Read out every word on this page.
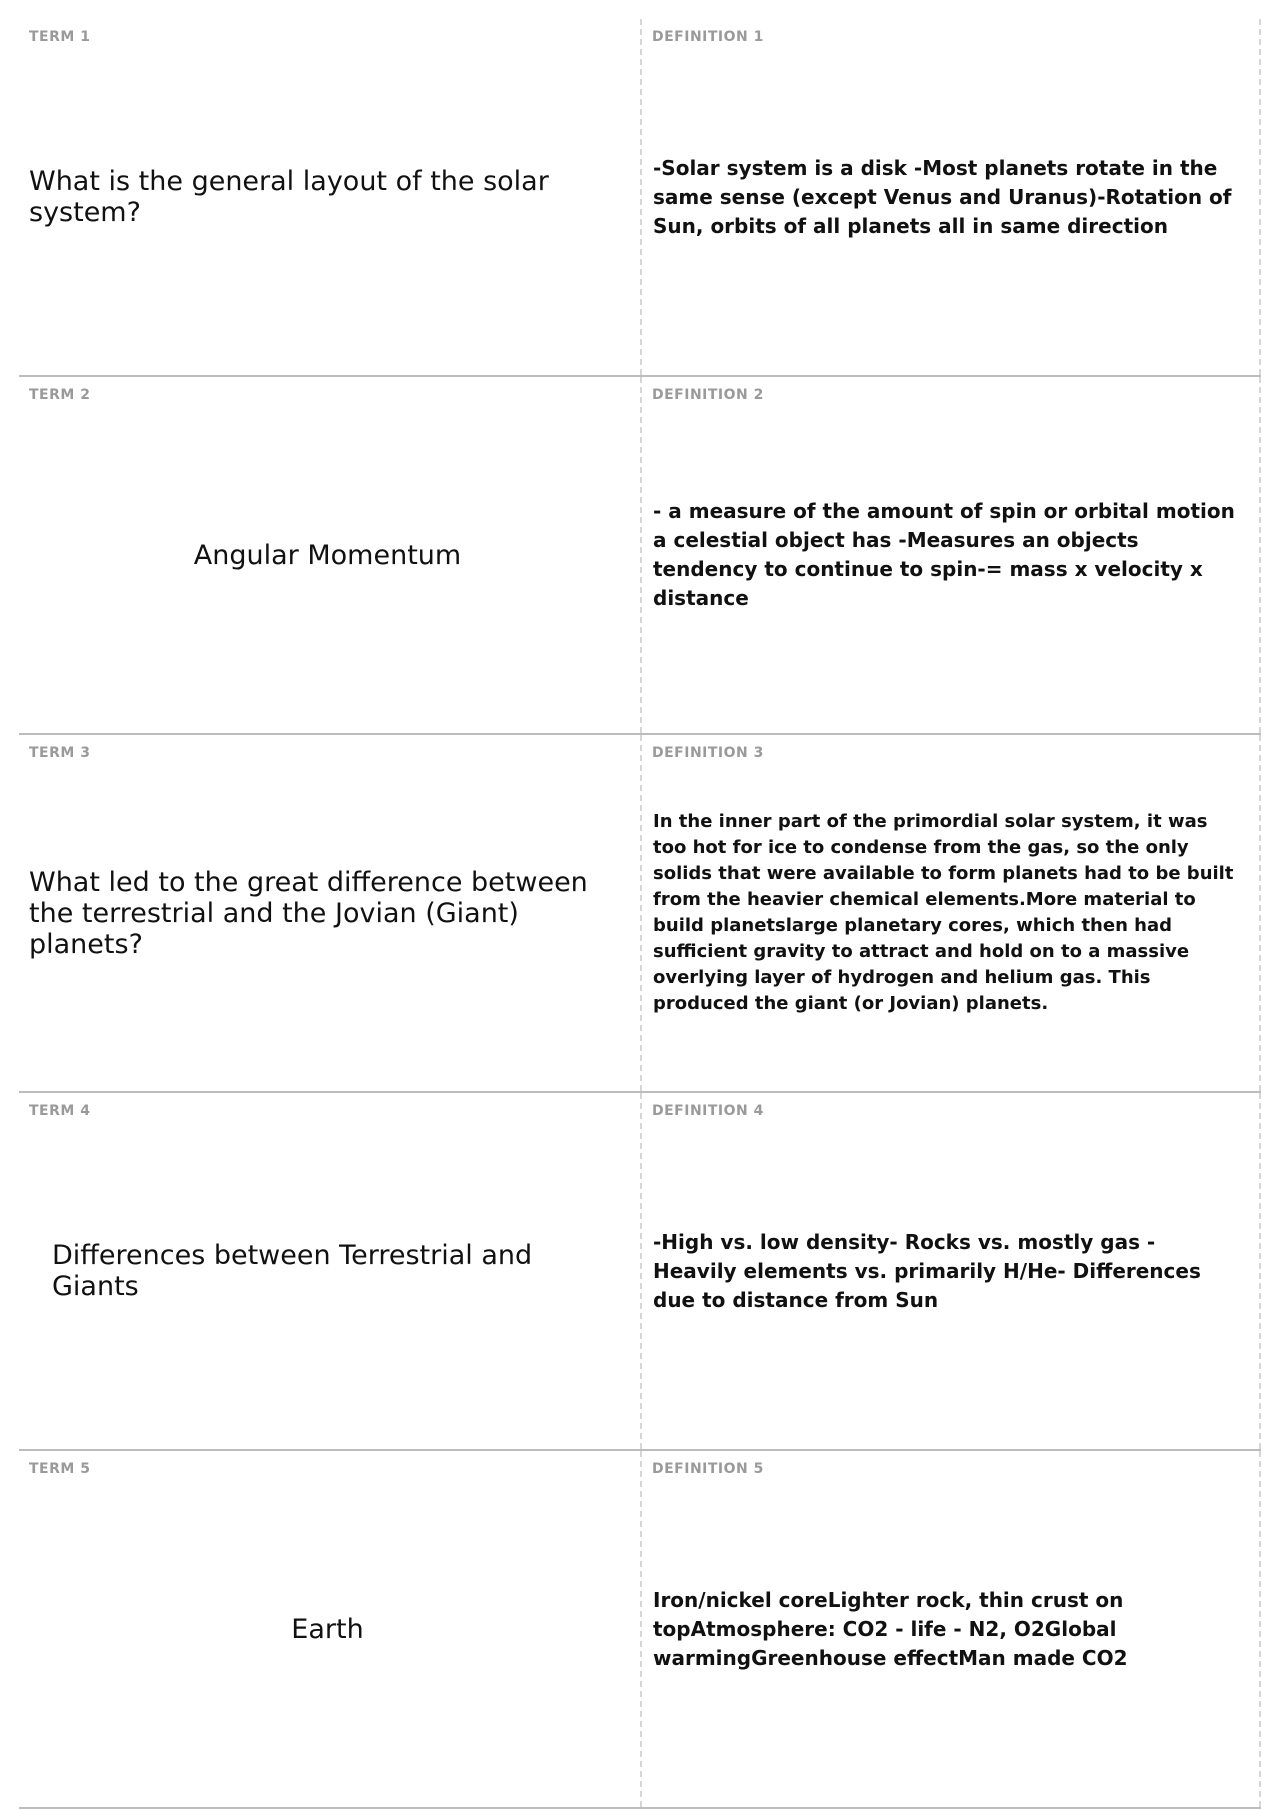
TERM 1
What is the general layout of the solar system?
DEFINITION 1
-Solar system is a disk -Most planets rotate in the same sense (except Venus and Uranus)-Rotation of Sun, orbits of all planets all in same direction
TERM 2
Angular Momentum
DEFINITION 2
- a measure of the amount of spin or orbital motion a celestial object has -Measures an objects tendency to continue to spin-= mass x velocity x distance
TERM 3
What led to the great difference between the terrestrial and the Jovian (Giant) planets?
DEFINITION 3
In the inner part of the primordial solar system, it was too hot for ice to condense from the gas, so the only solids that were available to form planets had to be built from the heavier chemical elements.More material to build planetslarge planetary cores, which then had sufficient gravity to attract and hold on to a massive overlying layer of hydrogen and helium gas. This produced the giant (or Jovian) planets.
TERM 4
Differences between Terrestrial and Giants
DEFINITION 4
-High vs. low density- Rocks vs. mostly gas - Heavily elements vs. primarily H/He- Differences due to distance from Sun
TERM 5
Earth
DEFINITION 5
Iron/nickel coreLighter rock, thin crust on topAtmosphere: CO2 - life - N2, O2Global warmingGreenhouse effectMan made CO2
